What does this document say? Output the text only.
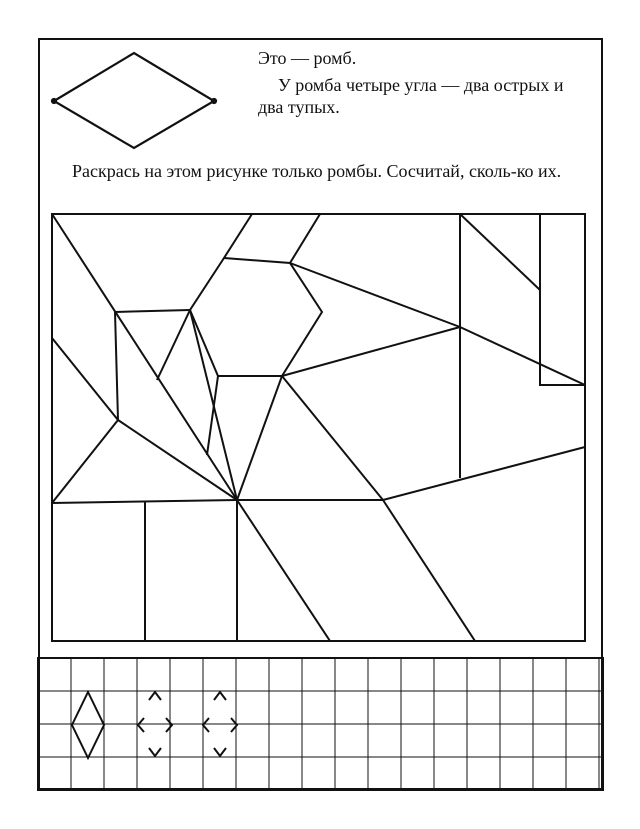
Это — ромб.
У ромба четыре угла — два острых и два тупых.
Раскрась на этом рисунке только ромбы. Сосчитай, сколь-ко их.
